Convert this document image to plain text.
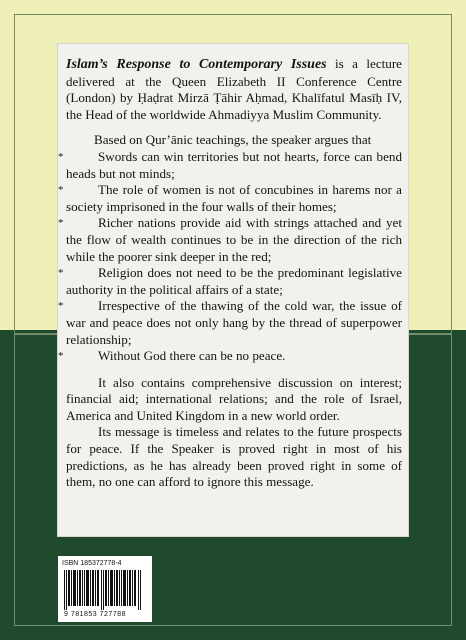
Islam’s Response to Contemporary Issues is a lecture delivered at the Queen Elizabeth II Conference Centre (London) by Ḥaḍrat Mirzā Ṭāhir Aḥmad, Khalīfatul Masīḥ IV, the Head of the worldwide Ahmadiyya Muslim Community.

Based on Qur’ānic teachings, the speaker argues that

*	Swords can win territories but not hearts, force can bend heads but not minds;
*	The role of women is not of concubines in harems nor a society imprisoned in the four walls of their homes;
*	Richer nations provide aid with strings attached and yet the flow of wealth continues to be in the direction of the rich while the poorer sink deeper in the red;
*	Religion does not need to be the predominant legislative authority in the political affairs of a state;
*	Irrespective of the thawing of the cold war, the issue of war and peace does not only hang by the thread of superpower relationship;
*	Without God there can be no peace.

It also contains comprehensive discussion on interest; financial aid; international relations; and the role of Israel, America and United Kingdom in a new world order.

Its message is timeless and relates to the future prospects for peace. If the Speaker is proved right in most of his predictions, as he has already been proved right in some of them, no one can afford to ignore this message.

ISBN 185372778-4
9 781853 727788
